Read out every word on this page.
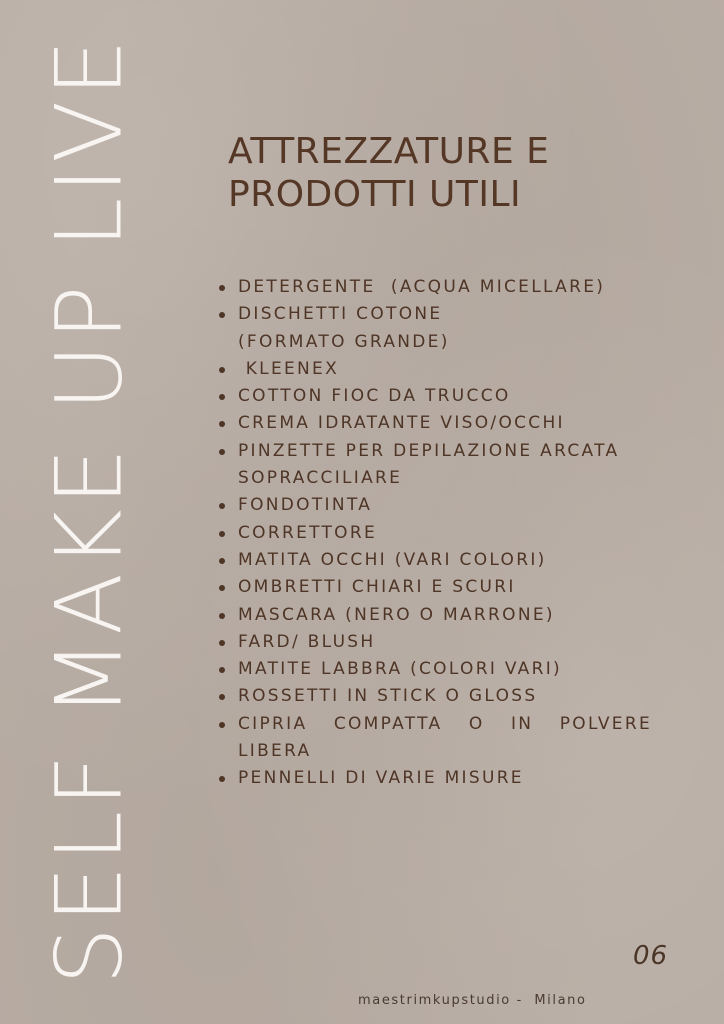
SELF MAKE UP LIVE ATTREZZATURE E
PRODOTTI UTILI
DETERGENTE  (ACQUA MICELLARE)
DISCHETTI COTONE
(FORMATO GRANDE)
KLEENEX
COTTON FIOC DA TRUCCO
CREMA IDRATANTE VISO/OCCHI
PINZETTE PER DEPILAZIONE ARCATA SOPRACCILIARE
FONDOTINTA
CORRETTORE
MATITA OCCHI (VARI COLORI)
OMBRETTI CHIARI E SCURI
MASCARA (NERO O MARRONE)
FARD/ BLUSH
MATITE LABBRA (COLORI VARI)
ROSSETTI IN STICK O GLOSS
CIPRIA COMPATTA O IN POLVERE LIBERA
PENNELLI DI VARIE MISURE
06
maestrimkupstudio -  Milano
